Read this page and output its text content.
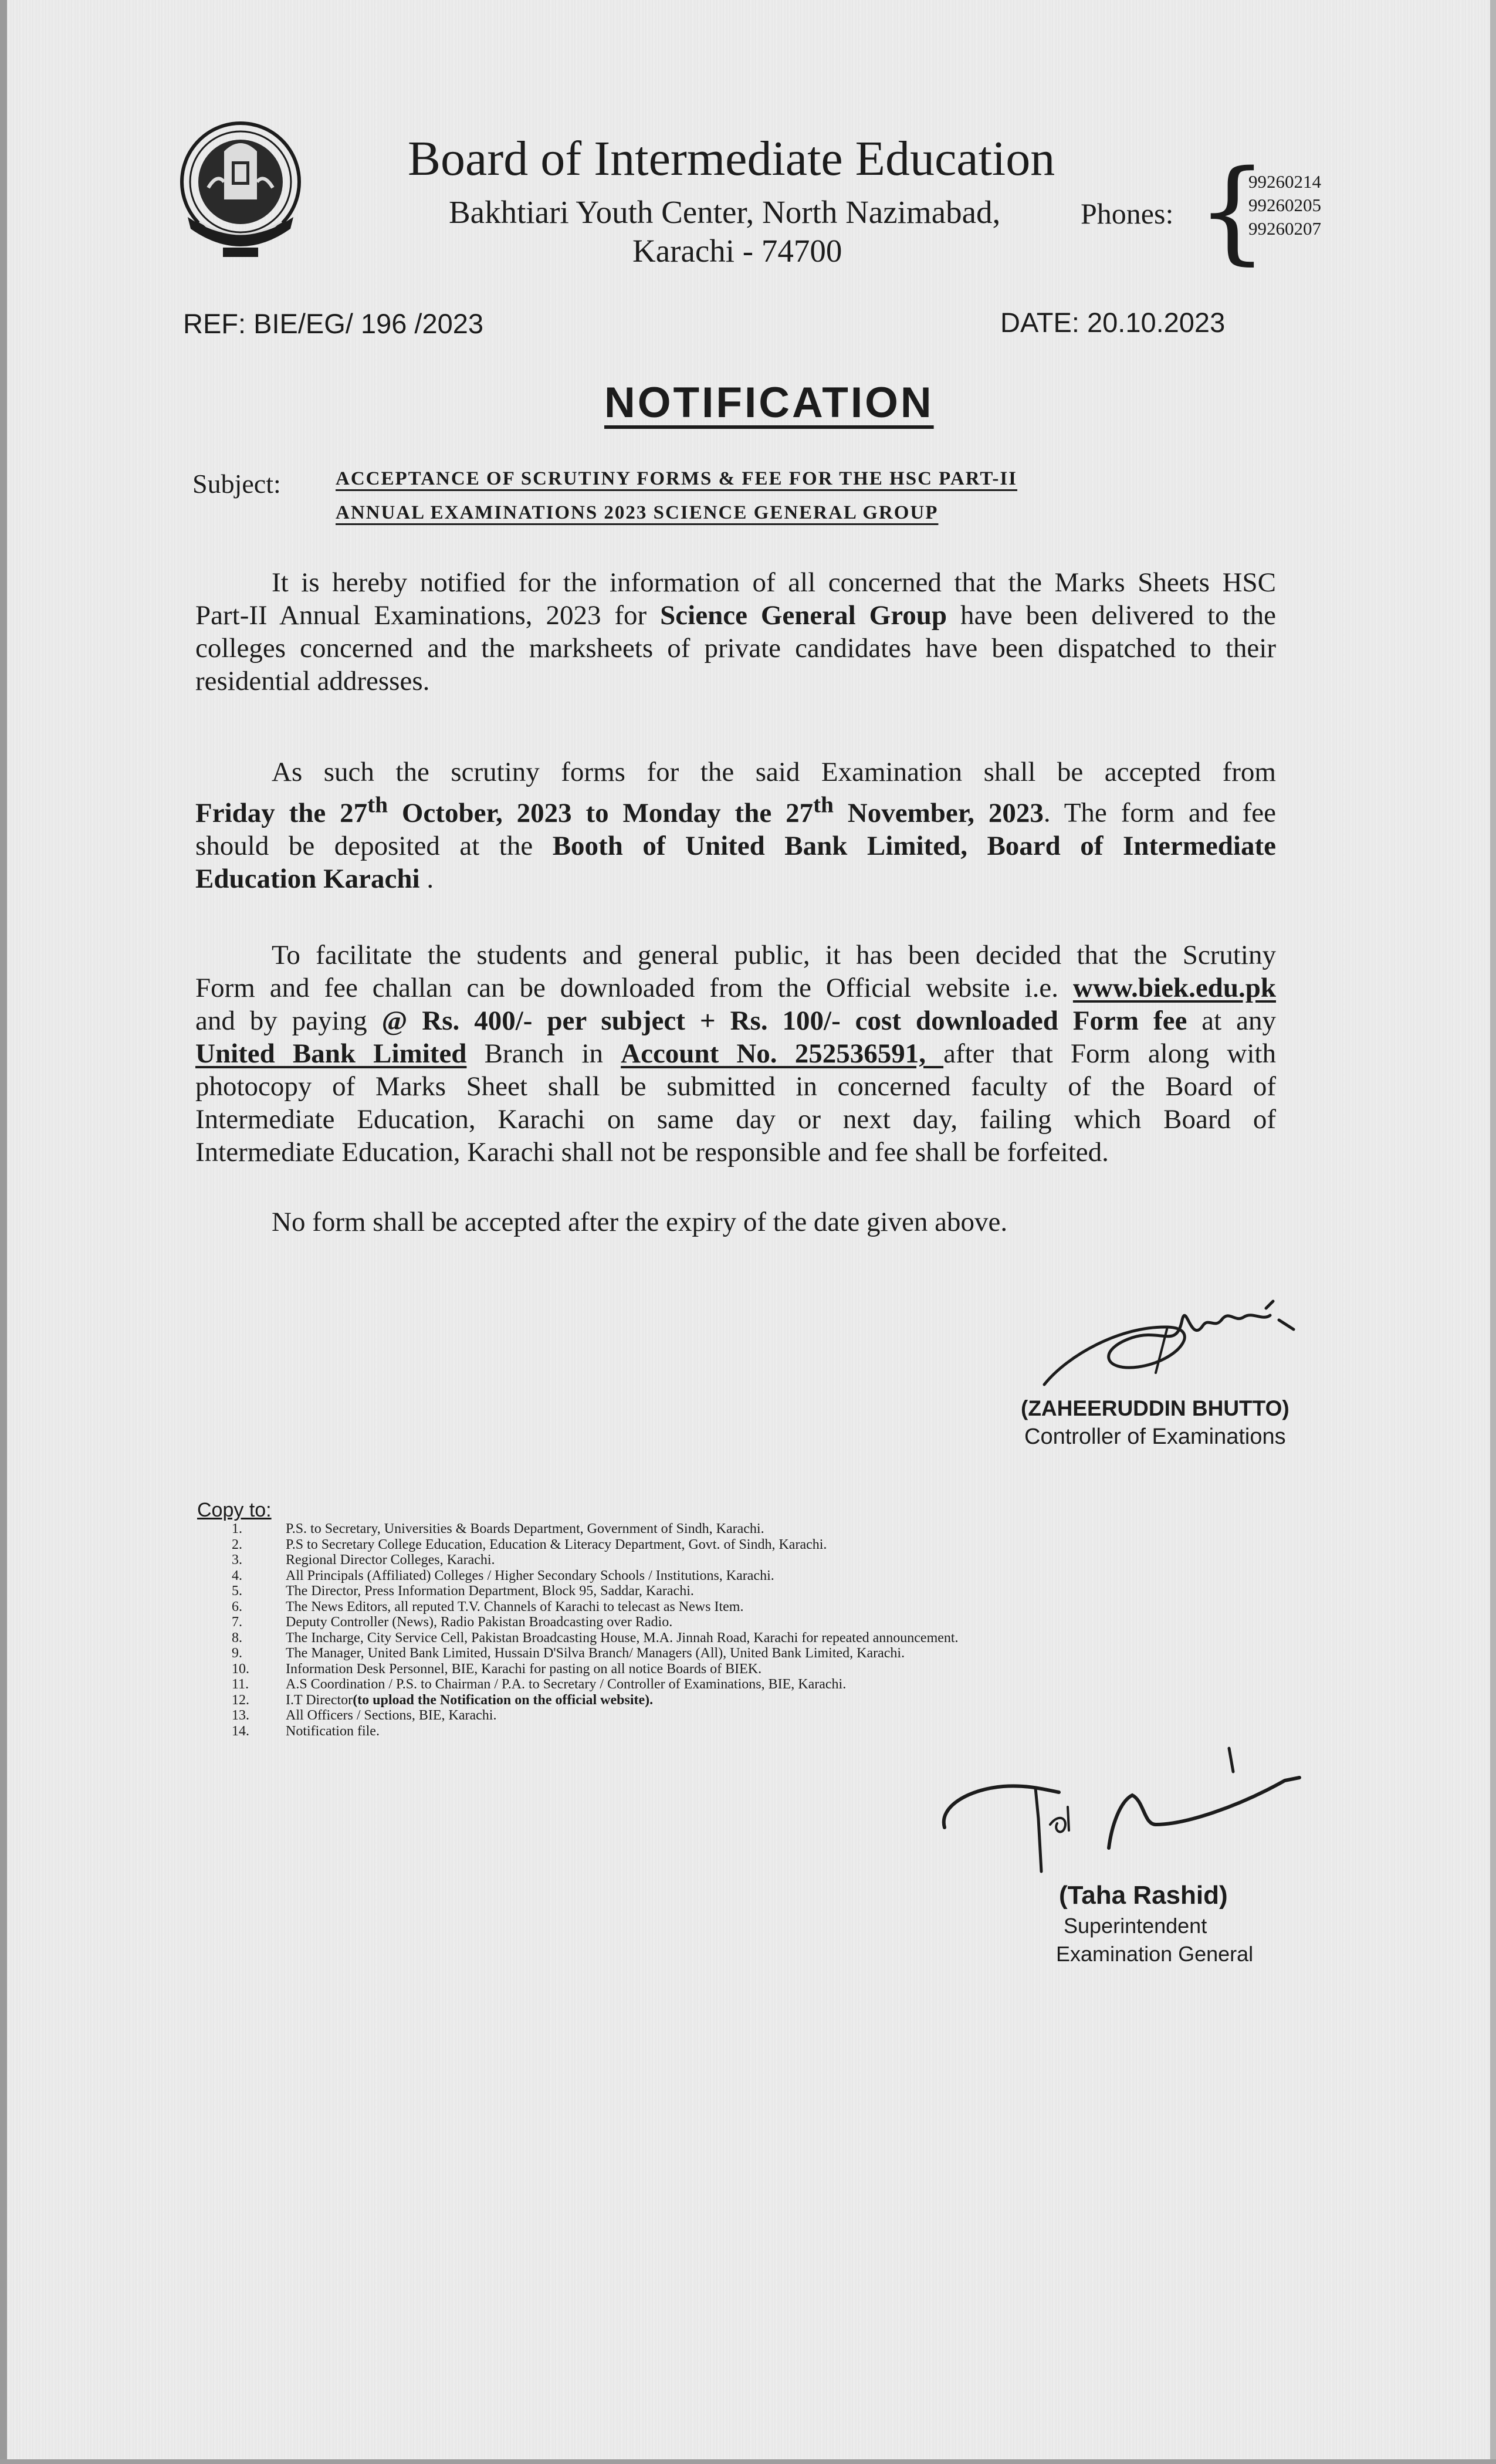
Board of Intermediate Education
Bakhtiari Youth Center, North Nazimabad,
Karachi - 74700
Phones: {
99260214
99260205
99260207
REF: BIE/EG/ 196 /2023	DATE: 20.10.2023
NOTIFICATION
Subject:	ACCEPTANCE OF SCRUTINY FORMS & FEE FOR THE HSC PART-II
ANNUAL EXAMINATIONS 2023 SCIENCE GENERAL GROUP
It is hereby notified for the information of all concerned that the Marks Sheets HSC
Part-II Annual Examinations, 2023 for Science General Group have been delivered to the
colleges concerned and the marksheets of private candidates have been dispatched to their
residential addresses.
As such the scrutiny forms for the said Examination shall be accepted from
Friday the 27th October, 2023 to Monday the 27th November, 2023. The form and fee
should be deposited at the Booth of United Bank Limited, Board of Intermediate
Education Karachi .
To facilitate the students and general public, it has been decided that the Scrutiny
Form and fee challan can be downloaded from the Official website i.e. www.biek.edu.pk
and by paying @ Rs. 400/- per subject + Rs. 100/- cost downloaded Form fee at any
United Bank Limited Branch in Account No. 252536591, after that Form along with
photocopy of Marks Sheet shall be submitted in concerned faculty of the Board of
Intermediate Education, Karachi on same day or next day, failing which Board of
Intermediate Education, Karachi shall not be responsible and fee shall be forfeited.
No form shall be accepted after the expiry of the date given above.
(ZAHEERUDDIN BHUTTO)
Controller of Examinations
Copy to:
1.	P.S. to Secretary, Universities & Boards Department, Government of Sindh, Karachi.
2.	P.S to Secretary College Education, Education & Literacy Department, Govt. of Sindh, Karachi.
3.	Regional Director Colleges, Karachi.
4.	All Principals (Affiliated) Colleges / Higher Secondary Schools / Institutions, Karachi.
5.	The Director, Press Information Department, Block 95, Saddar, Karachi.
6.	The News Editors, all reputed T.V. Channels of Karachi to telecast as News Item.
7.	Deputy Controller (News), Radio Pakistan Broadcasting over Radio.
8.	The Incharge, City Service Cell, Pakistan Broadcasting House, M.A. Jinnah Road, Karachi for repeated announcement.
9.	The Manager, United Bank Limited, Hussain D'Silva Branch/ Managers (All), United Bank Limited, Karachi.
10.	Information Desk Personnel, BIE, Karachi for pasting on all notice Boards of BIEK.
11.	A.S Coordination / P.S. to Chairman / P.A. to Secretary / Controller of Examinations, BIE, Karachi.
12.	I.T Director (to upload the Notification on the official website).
13.	All Officers / Sections, BIE, Karachi.
14.	Notification file.
(Taha Rashid)
Superintendent
Examination General
